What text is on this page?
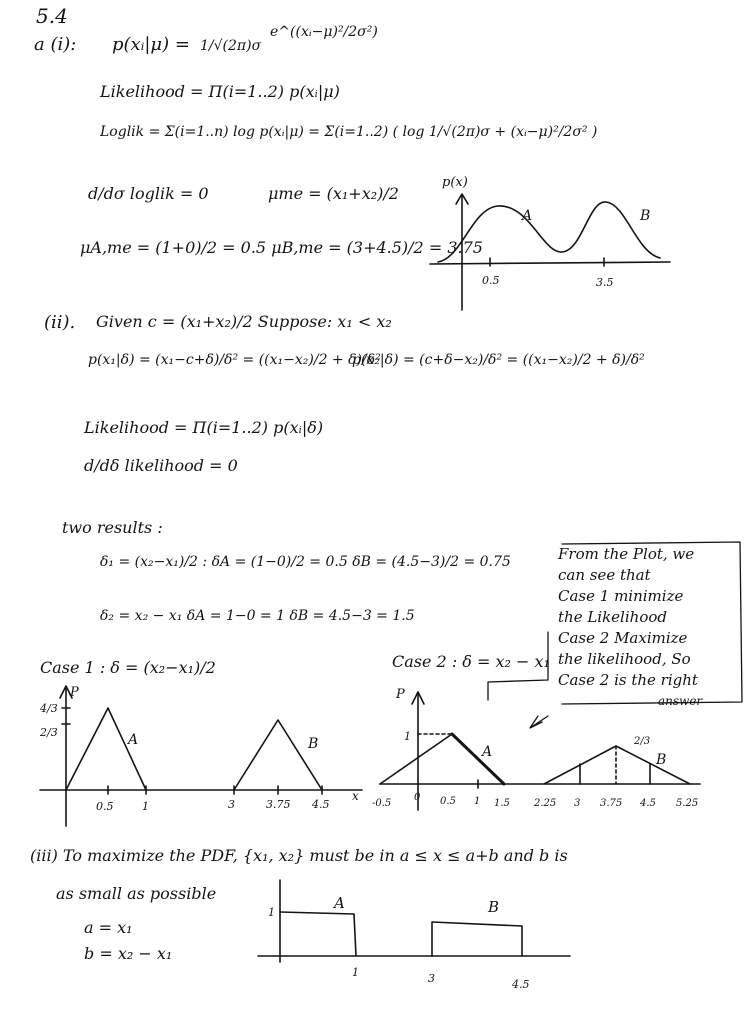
5.4
a (i): p(xᵢ|μ) = 1/√(2π)σ
e^((xᵢ−μ)²/2σ²)
Likelihood = Π(i=1..2) p(xᵢ|μ)
Loglik = Σ(i=1..n) log p(xᵢ|μ) = Σ(i=1..2) ( log 1/√(2π)σ + (xᵢ−μ)²/2σ² )
d/dσ loglik = 0	μme = (x₁+x₂)/2
μA,me = (1+0)/2 = 0.5 μB,me = (3+4.5)/2 = 3.75
(ii). Given c = (x₁+x₂)/2 Suppose: x₁ < x₂
p(x₁|δ) = (x₁−c+δ)/δ² = ((x₁−x₂)/2 + δ)/δ²
p(x₂|δ) = (c+δ−x₂)/δ² = ((x₁−x₂)/2 + δ)/δ²
Likelihood = Π(i=1..2) p(xᵢ|δ)
d/dδ likelihood = 0
two results :
δ₁ = (x₂−x₁)/2 : δA = (1−0)/2 = 0.5 δB = (4.5−3)/2 = 0.75
δ₂ = x₂ − x₁ δA = 1−0 = 1 δB = 4.5−3 = 1.5
From the Plot, we
can see that
Case 1 minimize
the Likelihood
Case 2 Maximize
the likelihood, So
Case 2 is the right
answer
Case 1 : δ = (x₂−x₁)/2	Case 2 : δ = x₂ − x₁
(iii) To maximize the PDF, {x₁, x₂} must be in a ≤ x ≤ a+b and b is
as small as possible
a = x₁
b = x₂ − x₁
p(x)
A	B
0.5	3.5
P
2/3
4/3
A	B
x
0.5	1	3	3.75 4.5
P
1	2/3
A	B
-0.5
0 0.5 1 1.5 2.25 3 3.75 4.5 5.25
1
A	B
1	3	4.5
